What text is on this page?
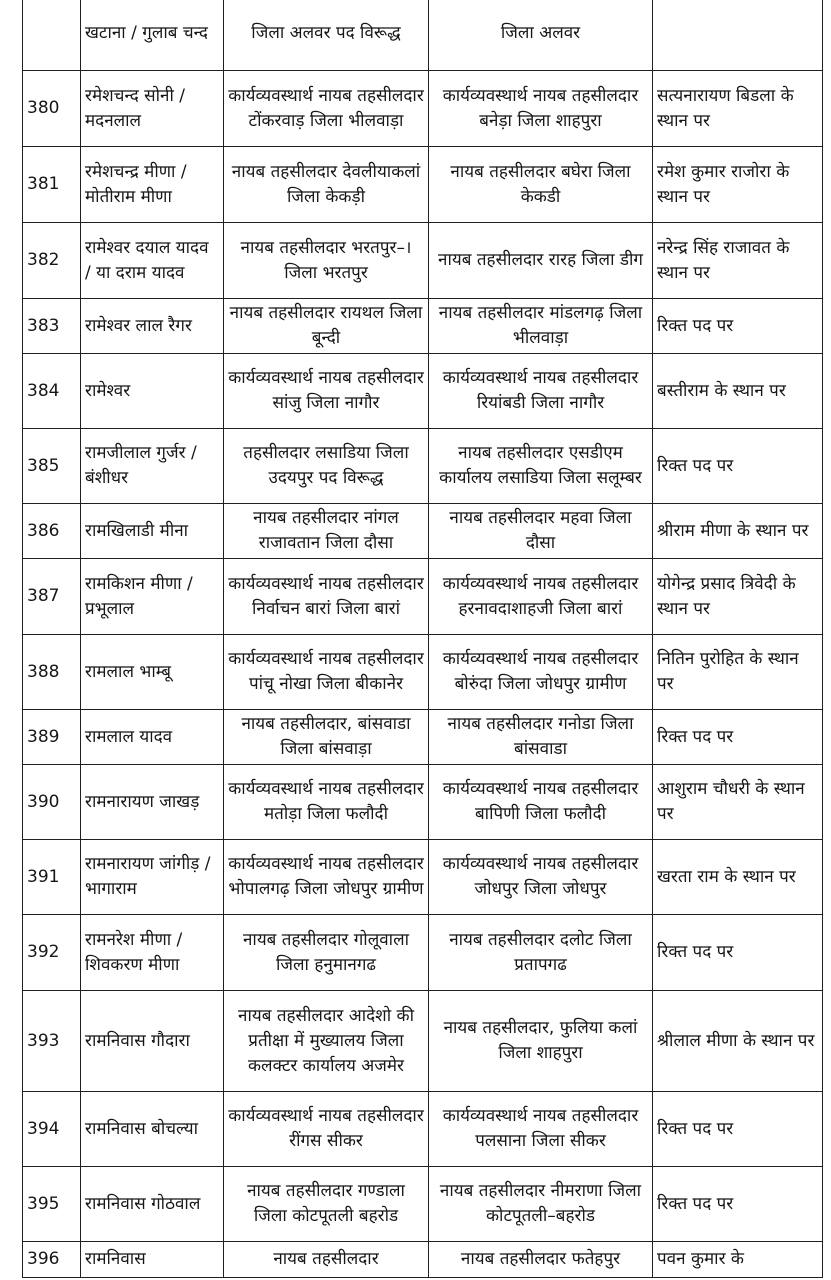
	खटाना / गुलाब चन्द	जिला अलवर पद विरूद्ध	जिला अलवर	
380	रमेशचन्द सोनी / मदनलाल	कार्यव्यवस्थार्थ नायब तहसीलदार टोंकरवाड़ जिला भीलवाड़ा	कार्यव्यवस्थार्थ नायब तहसीलदार बनेड़ा जिला शाहपुरा	सत्यनारायण बिडला के स्थान पर
381	रमेशचन्द्र मीणा / मोतीराम मीणा	नायब तहसीलदार देवलीयाकलां जिला केकड़ी	नायब तहसीलदार बघेरा जिला केकडी	रमेश कुमार राजोरा के स्थान पर
382	रामेश्वर दयाल यादव / या दराम यादव	नायब तहसीलदार भरतपुर–। जिला भरतपुर	नायब तहसीलदार रारह जिला डीग	नरेन्द्र सिंह राजावत के स्थान पर
383	रामेश्वर लाल रैगर	नायब तहसीलदार रायथल जिला बून्दी	नायब तहसीलदार मांडलगढ़ जिला भीलवाड़ा	रिक्त पद पर
384	रामेश्वर	कार्यव्यवस्थार्थ नायब तहसीलदार सांजु जिला नागौर	कार्यव्यवस्थार्थ नायब तहसीलदार रियांबडी जिला नागौर	बस्तीराम के स्थान पर
385	रामजीलाल गुर्जर / बंशीधर	तहसीलदार लसाडिया जिला उदयपुर पद विरूद्ध	नायब तहसीलदार एसडीएम कार्यालय लसाडिया जिला सलूम्बर	रिक्त पद पर
386	रामखिलाडी मीना	नायब तहसीलदार नांगल राजावतान जिला दौसा	नायब तहसीलदार महवा जिला दौसा	श्रीराम मीणा के स्थान पर
387	रामकिशन मीणा / प्रभूलाल	कार्यव्यवस्थार्थ नायब तहसीलदार निर्वाचन बारां जिला बारां	कार्यव्यवस्थार्थ नायब तहसीलदार हरनावदाशाहजी जिला बारां	योगेन्द्र प्रसाद त्रिवेदी के स्थान पर
388	रामलाल भाम्बू	कार्यव्यवस्थार्थ नायब तहसीलदार पांचू नोखा जिला बीकानेर	कार्यव्यवस्थार्थ नायब तहसीलदार बोरुंदा जिला जोधपुर ग्रामीण	नितिन पुरोहित के स्थान पर
389	रामलाल यादव	नायब तहसीलदार, बांसवाडा जिला बांसवाड़ा	नायब तहसीलदार गनोडा जिला बांसवाडा	रिक्त पद पर
390	रामनारायण जाखड़	कार्यव्यवस्थार्थ नायब तहसीलदार मतोड़ा जिला फलौदी	कार्यव्यवस्थार्थ नायब तहसीलदार बापिणी जिला फलौदी	आशुराम चौधरी के स्थान पर
391	रामनारायण जांगीड़ / भागाराम	कार्यव्यवस्थार्थ नायब तहसीलदार भोपालगढ़ जिला जोधपुर ग्रामीण	कार्यव्यवस्थार्थ नायब तहसीलदार जोधपुर जिला जोधपुर	खरता राम के स्थान पर
392	रामनरेश मीणा / शिवकरण मीणा	नायब तहसीलदार गोलूवाला जिला हनुमानगढ	नायब तहसीलदार दलोट जिला प्रतापगढ	रिक्त पद पर
393	रामनिवास गौदारा	नायब तहसीलदार आदेशो की प्रतीक्षा में मुख्यालय जिला कलक्टर कार्यालय अजमेर	नायब तहसीलदार, फुलिया कलां जिला शाहपुरा	श्रीलाल मीणा के स्थान पर
394	रामनिवास बोचल्या	कार्यव्यवस्थार्थ नायब तहसीलदार रींगस सीकर	कार्यव्यवस्थार्थ नायब तहसीलदार पलसाना जिला सीकर	रिक्त पद पर
395	रामनिवास गोठवाल	नायब तहसीलदार गण्डाला जिला कोटपूतली बहरोड	नायब तहसीलदार नीमराणा जिला कोटपूतली–बहरोड	रिक्त पद पर
396	रामनिवास	नायब तहसीलदार	नायब तहसीलदार फतेहपुर	पवन कुमार के
